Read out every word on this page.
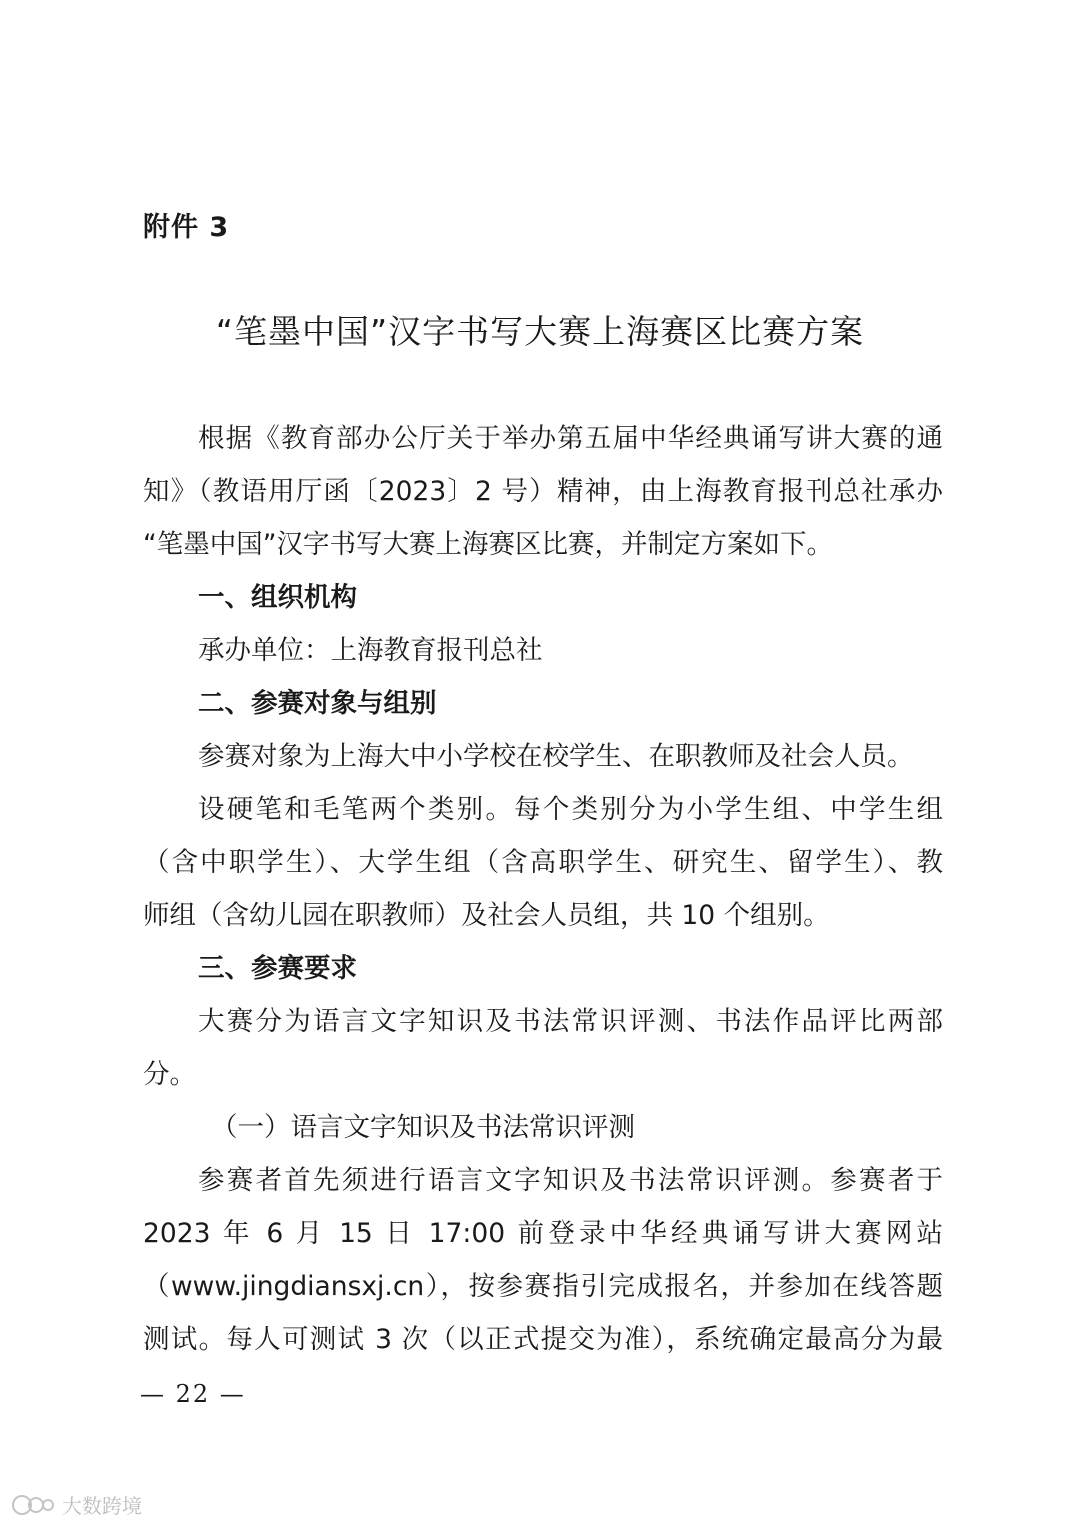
附件 3
“笔墨中国”汉字书写大赛上海赛区比赛方案
根据《教育部办公厅关于举办第五届中华经典诵写讲大赛的通
知》（教语用厅函〔2023〕2 号）精神，由上海教育报刊总社承办
“笔墨中国”汉字书写大赛上海赛区比赛，并制定方案如下。
一、组织机构
承办单位：上海教育报刊总社
二、参赛对象与组别
参赛对象为上海大中小学校在校学生、在职教师及社会人员。
设硬笔和毛笔两个类别。每个类别分为小学生组、中学生组
（含中职学生）、大学生组（含高职学生、研究生、留学生）、教
师组（含幼儿园在职教师）及社会人员组，共 10 个组别。
三、参赛要求
大赛分为语言文字知识及书法常识评测、书法作品评比两部
分。
（一）语言文字知识及书法常识评测
参赛者首先须进行语言文字知识及书法常识评测。参赛者于
2023 年 6 月 15 日 17:00 前登录中华经典诵写讲大赛网站
（www.jingdiansxj.cn），按参赛指引完成报名，并参加在线答题
测试。每人可测试 3 次（以正式提交为准），系统确定最高分为最
— 22 —
大数跨境
